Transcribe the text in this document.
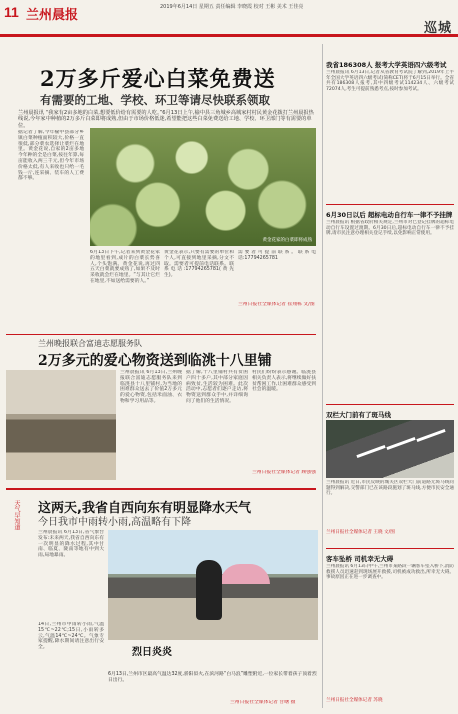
11 兰州晨报
2019年6月14日 星期五 责任编辑 李晓霞 校对 王彬 美术 王佳亮
巡城
2万多斤爱心白菜免费送
有需要的工地、学校、环卫等请尽快联系领取
兰州晨报讯 “我家有2亩多地的白菜,想要低价给有需要的人吃。”6月13日上午,榆中县三角城乡高城家村村民黄金花拨打兰州晨报热线说,今年家中种植的2万多斤白菜即将成熟,但由于市场价格低迷,希望能把这些白菜免费送给工地、学校、环卫部门等有需要的单位。
据记者了解,今年榆中县部分乡镇白菜种植面积较大,价格一直很低,部分菜农选择让菜烂在地里。黄金花说,自家的2亩多地今年种的全是白菜,按往年算,每亩能收入两三千元,但今年市场价格太低,有人来收也只给一毛钱一斤,连采摘、装车的人工费都不够。
黄金花家的白菜即将成熟
6月13日下午,记者来到黄金花家的地里看到,成片的白菜长势喜人,个头饱满。黄金花说,再过四五天白菜就要成熟了,如果不及时采收就会烂在地里。“与其让它烂在地里,不如送给需要的人。”
黄金花表示,只要有需要的单位和个人,可直接到地里采摘,分文不取。需要者可提前电话联系。联系电话:17794265781(黄先生)。
需要者可提前联系。联系电话:17794265781
兰州日报社全媒体记者 崔翔栋 文/图
兰州晚报联合富迪志愿服务队
2万多元的爱心物资送到临洮十八里铺
兰州晨报讯 6月13日,兰州晚报联合富迪志愿服务队来到临洮县十八里铺村,为当地的困难群众送去了价值2万多元的爱心物资,包括米面油、衣物和学习用品等。
据了解,十八里铺村共有贫困户四十多户,其中部分家庭因病致贫,生活较为困难。此次活动中,志愿者们逐户走访,将物资送到群众手中,并详细询问了他们的生活情况。
村民们纷纷表示感谢。临洮县相关负责人表示,将继续做好扶贫帮困工作,让困难群众感受到社会的温暖。
兰州日报社全媒体记者 顾强强
天气早知道 这两天,我省自西向东有明显降水天气
今日我市中雨转小雨,高温略有下降
兰州晨报讯 6月13日,省气象台发布:未来两天,我省自西向东有一次明显的降水过程,其中甘南、临夏、陇南等地有中到大雨,局地暴雨。
14日,兰州市中雨转小雨,气温15℃~22℃;15日,小雨转多云,气温14℃~24℃。气象专家提醒,降水期间请注意出行安全。	烈日炎炎
6月13日,兰州市区最高气温达32度,骄阳似火,在滨河路“白马浪”雕塑附近,一位家长带着孩子顶着烈日出行。
兰州日报社全媒体记者 甘曙 摄
我省186308人 报考大学英语四六级考试
兰州晨报讯 6月13日,记者从省教育考试院了解到,2019年上半年全国大学英语四六级考试(简称CET)将于6月15日举行。全省共有186308人报考,其中四级考试114234人、六级考试72074人,考生可提前熟悉考点,按时参加考试。
6月30日以后 超标电动自行车一律不予挂牌
兰州晨报讯 根据省政府相关规定,兰州市对已登记挂牌的超标电动自行车设置过渡期。6月30日后,超标电动自行车一律不予挂牌,请市民注意办理相关登记手续,以免影响正常使用。
双栏大门前有了斑马线
兰州晨报讯 近日,市民反映的城关区双栏大门前道路无斑马线问题得到解决,交警部门已在该路段施划了斑马线,方便市民安全通行。
兰州日报社全媒体记者 王晓 文/图
客车坠桥 司机幸无大碍
兰州晨报讯 6月13日中午,兰州市某路段一辆客车坠入桥下,消防救援人员迅速赶到现场展开救援,司机被成功救出,所幸无大碍。事故原因正在进一步调查中。
兰州日报社全媒体记者 苏晓
